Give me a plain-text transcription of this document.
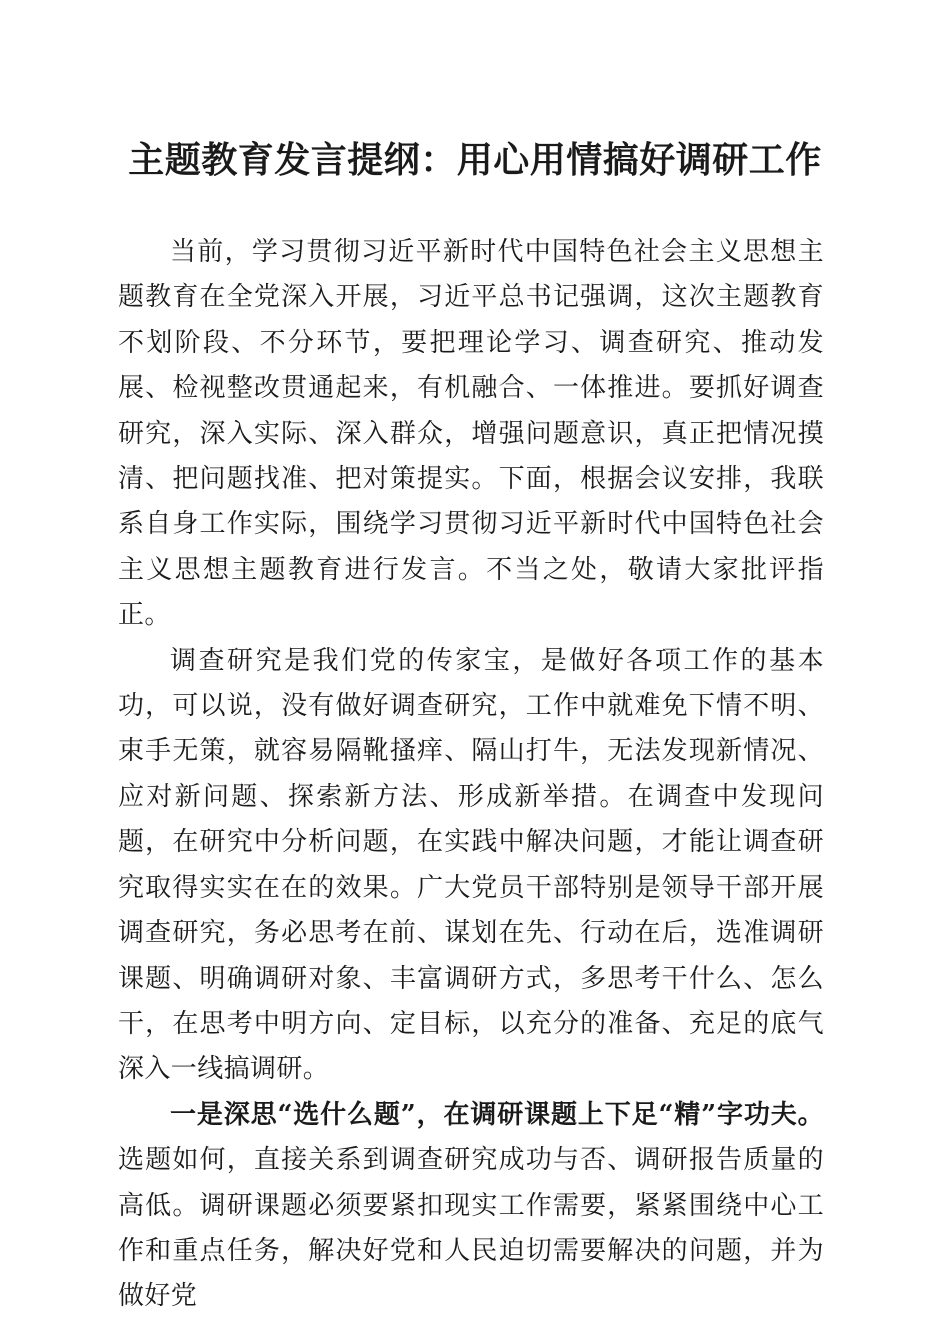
主题教育发言提纲：用心用情搞好调研工作

当前，学习贯彻习近平新时代中国特色社会主义思想主题教育在全党深入开展，习近平总书记强调，这次主题教育不划阶段、不分环节，要把理论学习、调查研究、推动发展、检视整改贯通起来，有机融合、一体推进。要抓好调查研究，深入实际、深入群众，增强问题意识，真正把情况摸清、把问题找准、把对策提实。下面，根据会议安排，我联系自身工作实际，围绕学习贯彻习近平新时代中国特色社会主义思想主题教育进行发言。不当之处，敬请大家批评指正。

调查研究是我们党的传家宝，是做好各项工作的基本功，可以说，没有做好调查研究，工作中就难免下情不明、束手无策，就容易隔靴搔痒、隔山打牛，无法发现新情况、应对新问题、探索新方法、形成新举措。在调查中发现问题，在研究中分析问题，在实践中解决问题，才能让调查研究取得实实在在的效果。广大党员干部特别是领导干部开展调查研究，务必思考在前、谋划在先、行动在后，选准调研课题、明确调研对象、丰富调研方式，多思考干什么、怎么干，在思考中明方向、定目标，以充分的准备、充足的底气深入一线搞调研。

一是深思“选什么题”，在调研课题上下足“精”字功夫。选题如何，直接关系到调查研究成功与否、调研报告质量的高低。调研课题必须要紧扣现实工作需要，紧紧围绕中心工作和重点任务，解决好党和人民迫切需要解决的问题，并为做好党
